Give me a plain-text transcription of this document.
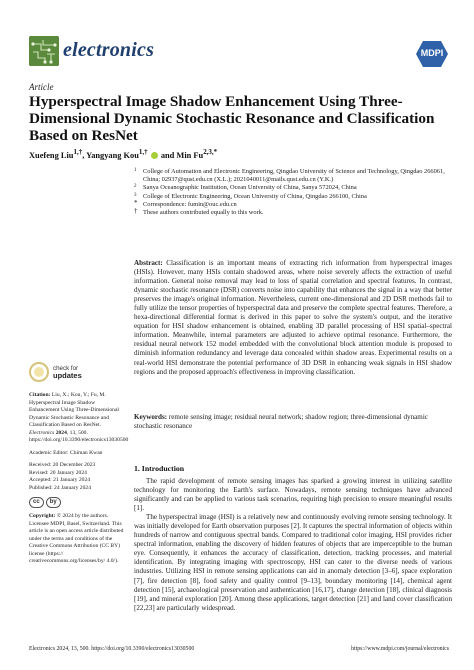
electronics	MDPI
Article
Hyperspectral Image Shadow Enhancement Using Three-Dimensional Dynamic Stochastic Resonance and Classification Based on ResNet
Xuefeng Liu$^{1,\dagger}$, Yangyang Kou$^{1,\dagger}$ and Min $Fu^{2,3,*}$
1 College of Automation and Electronic Engineering, Qingdao University of Science and Technology, Qingdao 266061, China; 02937@qust.edu.cn (X.L.); 2021040011@mails.qust.edu.cn (Y.K.)
2 Sanya Oceanographic Institution, Ocean University of China, Sanya 572024, China
3 College of Electronic Engineering, Ocean University of China, Qingdao 266100, China
* Correspondence: fumin@ouc.edu.cn
† These authors contributed equally to this work.
Abstract: Classification is an important means of extracting rich information from hyperspectral images (HSIs). However, many HSIs contain shadowed areas, where noise severely affects the extraction of useful information. General noise removal may lead to loss of spatial correlation and spectral features. In contrast, dynamic stochastic resonance (DSR) converts noise into capability that enhances the signal in a way that better preserves the image's original information. Nevertheless, current one-dimensional and 2D DSR methods fail to fully utilize the tensor properties of hyperspectral data and preserve the complete spectral features. Therefore, a hexa-directional differential format is derived in this paper to solve the system's output, and the iterative equation for HSI shadow enhancement is obtained, enabling 3D parallel processing of HSI spatial–spectral information. Meanwhile, internal parameters are adjusted to achieve optimal resonance. Furthermore, the residual neural network 152 model embedded with the convolutional block attention module is proposed to diminish information redundancy and leverage data concealed within shadow areas. Experimental results on a real-world HSI demonstrate the potential performance of 3D DSR in enhancing weak signals in HSI shadow regions and the proposed approach's effectiveness in improving classification.
Keywords: remote sensing image; residual neural network; shadow region; three-dimensional dynamic stochastic resonance
check for
updates
Citation: Liu, X.; Kou, Y.; Fu, M. Hyperspectral Image Shadow Enhancement Using Three-Dimensional Dynamic Stochastic Resonance and Classification Based on ResNet. Electronics 2024, 13, 500. https://doi.org/10.3390/electronics13030500
Academic Editor: Chiman Kwan
Received: 20 December 2023
Revised: 20 January 2024
Accepted: 21 January 2024
Published: 24 January 2024
cc	by
Copyright: © 2024 by the authors. Licensee MDPI, Basel, Switzerland. This article is an open access article distributed under the terms and conditions of the Creative Commons Attribution (CC BY) license (https:// creativecommons.org/licenses/by/ 4.0/).
1. Introduction

The rapid development of remote sensing images has sparked a growing interest in utilizing satellite technology for monitoring the Earth's surface. Nowadays, remote sensing techniques have advanced significantly and can be applied to various task scenarios, requiring high precision to ensure meaningful results [1].

The hyperspectral image (HSI) is a relatively new and continuously evolving remote sensing technology. It was initially developed for Earth observation purposes [2]. It captures the spectral information of objects within hundreds of narrow and contiguous spectral bands. Compared to traditional color imaging, HSI provides richer spectral information, enabling the discovery of hidden features of objects that are imperceptible to the human eye. Consequently, it enhances the accuracy of classification, detection, tracking processes, and material identification. By integrating imaging with spectroscopy, HSI can cater to the diverse needs of various industries. Utilizing HSI in remote sensing applications can aid in anomaly detection [3–6], space exploration [7], fire detection [8], food safety and quality control [9–13], boundary monitoring [14], chemical agent detection [15], archaeological preservation and authentication [16,17], change detection [18], clinical diagnosis [19], and mineral exploration [20]. Among these applications, target detection [21] and land cover classification [22,23] are particularly widespread.

Electronics 2024, 13, 500. https://doi.org/10.3390/electronics13030500	https://www.mdpi.com/journal/electronics
